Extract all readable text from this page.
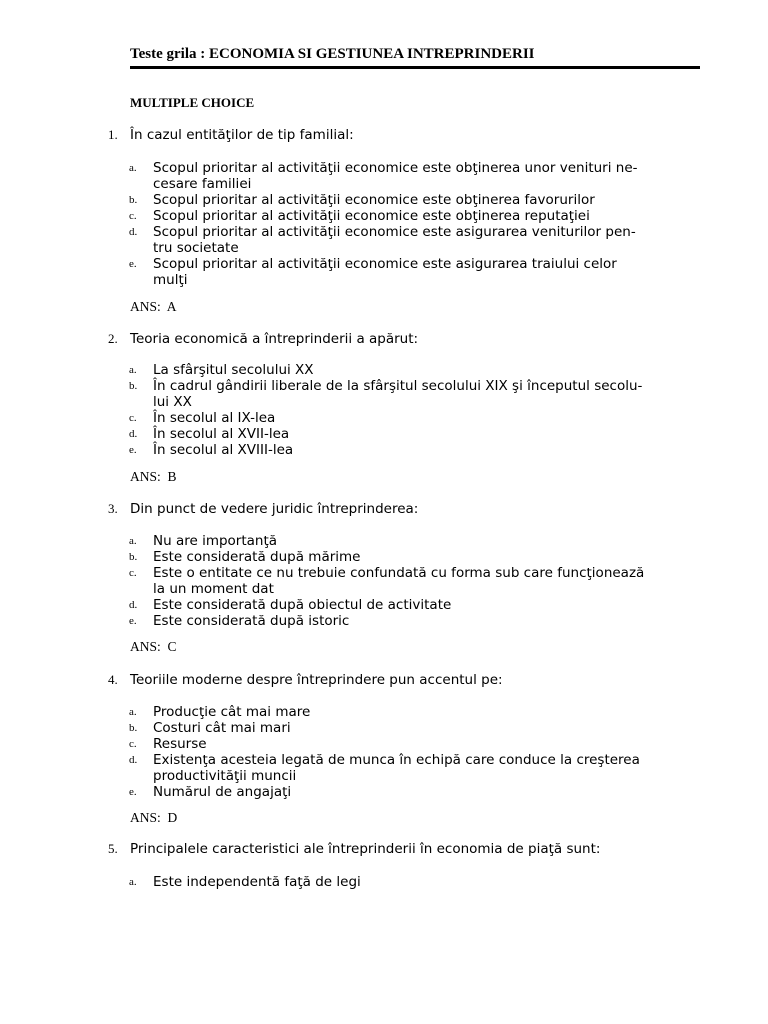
Teste grila : ECONOMIA SI GESTIUNEA INTREPRINDERII
MULTIPLE CHOICE
1. În cazul entităţilor de tip familial:
a. Scopul prioritar al activităţii economice este obţinerea unor venituri ne-
cesare familiei
b. Scopul prioritar al activităţii economice este obţinerea favorurilor
c. Scopul prioritar al activităţii economice este obţinerea reputaţiei
d. Scopul prioritar al activităţii economice este asigurarea veniturilor pen-
tru societate
e. Scopul prioritar al activităţii economice este asigurarea traiului celor
mulţi
ANS:  A
2. Teoria economică a întreprinderii a apărut:
a. La sfârşitul secolului XX
b. În cadrul gândirii liberale de la sfârşitul secolului XIX şi începutul secolu-
lui XX
c. În secolul al IX-lea
d. În secolul al XVII-lea
e. În secolul al XVIII-lea
ANS:  B
3. Din punct de vedere juridic întreprinderea:
a. Nu are importanţă
b. Este considerată după mărime
c. Este o entitate ce nu trebuie confundată cu forma sub care funcţionează
la un moment dat
d. Este considerată după obiectul de activitate
e. Este considerată după istoric
ANS:  C
4. Teoriile moderne despre întreprindere pun accentul pe:
a. Producţie cât mai mare
b. Costuri cât mai mari
c. Resurse
d. Existenţa acesteia legată de munca în echipă care conduce la creşterea
productivităţii muncii
e. Numărul de angajaţi
ANS:  D
5. Principalele caracteristici ale întreprinderii în economia de piaţă sunt:
a. Este independentă faţă de legi
